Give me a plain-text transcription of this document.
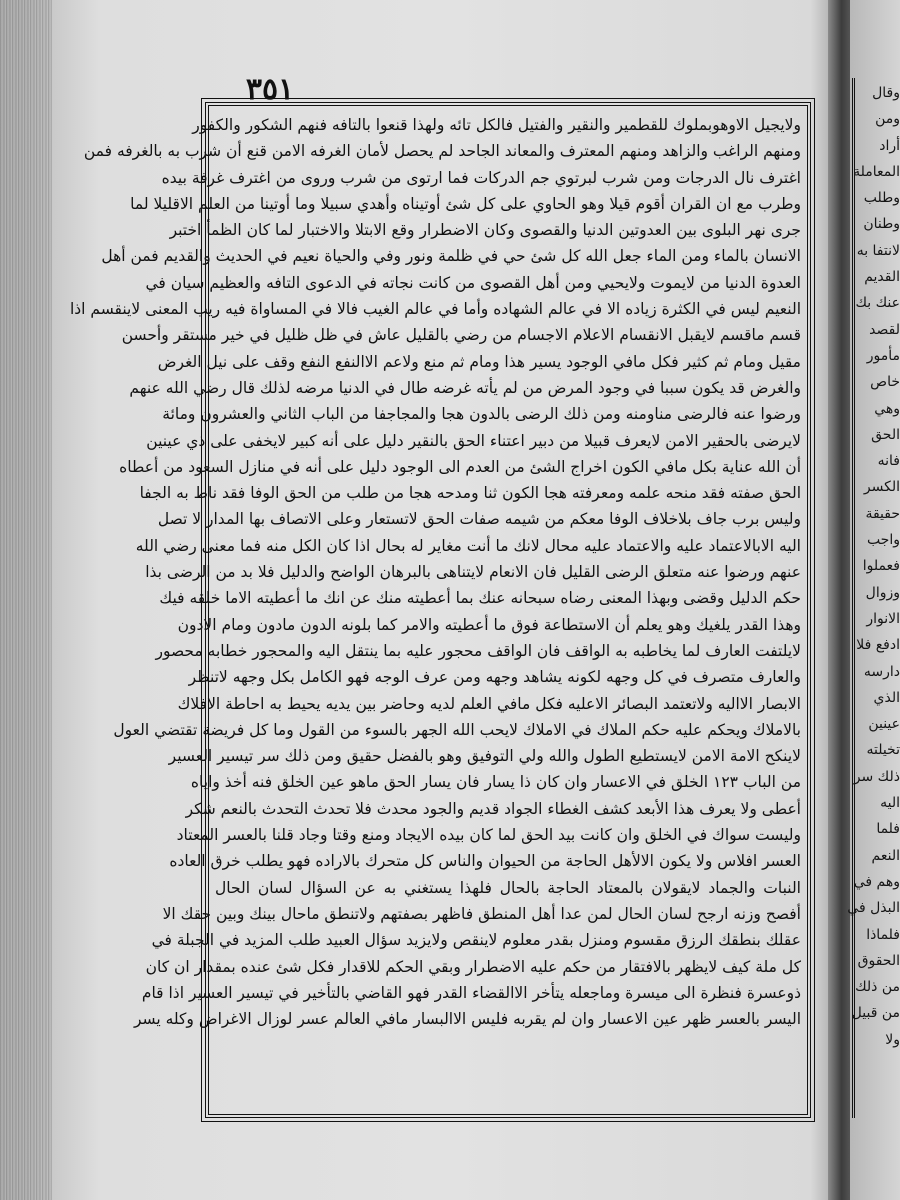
وقال
ومن
أراد
المعاملة
وطلب
وطنان
لانتفا به
القديم
عنك بك
لقصد
مأمور
خاص
وهي
الحق
فانه
الكسر
حقيقة
واجب
فعملوا
وزوال
الانوار
ادفع فلا
دارسه
الذي
عينين
تخيلته
ذلك سر
اليه
فلما
النعم
وهم في
البذل في
فلماذا
الحقوق
من ذلك
من قبيل
ولا
٣٥١
ولايجيل الاوهوبملوك للقطمير والنقير والفتيل فالكل تائه ولهذا قنعوا بالتافه فنهم الشكور والكفور
ومنهم الراغب والزاهد ومنهم المعترف والمعاند الجاحد لم يحصل لأمان الغرفه الامن قنع أن شرب به بالغرفه فمن
اغترف نال الدرجات ومن شرب لبرتوي جم الدركات فما ارتوى من شرب وروى من اغترف غرفة بيده
وطرب مع ان القران أقوم قيلا وهو الحاوي على كل شئ أوتيناه وأهدي سبيلا وما أوتينا من العلم الاقليلا لما
جرى نهر البلوى بين العدوتين الدنيا والقصوى وكان الاضطرار وقع الابتلا والاختبار لما كان الظمأ اختبر
الانسان بالماء ومن الماء جعل الله كل شئ حي في ظلمة ونور وفي والحياة نعيم في الحديث والقديم فمن أهل
العدوة الدنيا من لايموت ولايحيي ومن أهل القصوى من كانت نجاته في الدعوى التافه والعظيم سيان في
النعيم ليس في الكثرة زياده الا في عالم الشهاده وأما في عالم الغيب فالا في المساواة فيه ريب المعنى لاينقسم اذا
قسم ماقسم لايقبل الانقسام الاعلام الاجسام من رضي بالقليل عاش في ظل ظليل في خير مستقر وأحسن
مقيل ومام ثم كثير فكل مافي الوجود يسير هذا ومام ثم منع ولاعم الاالنفع النفع وقف على نيل الغرض
والغرض قد يكون سببا في وجود المرض من لم يأته غرضه طال في الدنيا مرضه لذلك قال رضي الله عنهم
ورضوا عنه فالرضى مناومنه ومن ذلك الرضى بالدون هجا والمجاجفا من الباب الثاني والعشرون ومائة
لايرضى بالحقير الامن لايعرف قبيلا من دبير اعتناء الحق بالنقير دليل على أنه كبير لايخفى على ذي عينين
أن الله عناية بكل مافي الكون اخراج الشئ من العدم الى الوجود دليل على أنه في منازل السعود من أعطاه
الحق صفته فقد منحه علمه ومعرفته هجا الكون ثنا ومدحه هجا من طلب من الحق الوفا فقد ناط به الجفا
وليس برب جاف بلاخلاف الوفا معكم من شيمه صفات الحق لاتستعار وعلى الاتصاف بها المدار لا تصل
اليه الابالاعتماد عليه والاعتماد عليه محال لانك ما أنت مغاير له بحال اذا كان الكل منه فما معنى رضي الله
عنهم ورضوا عنه متعلق الرضى القليل فان الانعام لايتناهى بالبرهان الواضح والدليل فلا بد من الرضى بذا
حكم الدليل وقضى وبهذا المعنى رضاه سبحانه عنك بما أعطيته منك عن انك ما أعطيته الاما خلقه فيك
وهذا القدر يلغيك وهو يعلم أن الاستطاعة فوق ما أعطيته والامر كما بلونه الدون مادون ومام الادون
لايلتفت العارف لما يخاطبه به الواقف فان الواقف محجور عليه بما ينتقل اليه والمحجور خطابه محصور
والعارف متصرف في كل وجهه لكونه يشاهد وجهه ومن عرف الوجه فهو الكامل بكل وجهه لاتنظر
الابصار الااليه ولاتعتمد البصائر الاعليه فكل مافي العلم لديه وحاضر بين يديه يحيط به احاطة الافلاك
بالاملاك ويحكم عليه حكم الملاك في الاملاك لايحب الله الجهر بالسوء من القول وما كل فريضة تقتضي العول
لاينكح الامة الامن لايستطيع الطول والله ولي التوفيق وهو بالفضل حقيق ومن ذلك سر تيسير العسير
من الباب ١٢٣ الخلق في الاعسار وان كان ذا يسار فان يسار الحق ماهو عين الخلق فنه أخذ واياه
أعطى ولا يعرف هذا الأبعد كشف الغطاء الجواد قديم والجود محدث فلا تحدث التحدث بالنعم شكر
وليست سواك في الخلق وان كانت بيد الحق لما كان بيده الايجاد ومنع وقتا وجاد قلنا بالعسر المعتاد
العسر افلاس ولا يكون الالأهل الحاجة من الحيوان والناس كل متحرك بالاراده فهو يطلب خرق العاده
النبات والجماد لايقولان بالمعتاد الحاجة بالحال فلهذا يستغني به عن السؤال لسان الحال
أفصح وزنه ارجح لسان الحال لمن عدا أهل المنطق فاظهر بصفتهم ولاتنطق ماحال بينك وبين حقك الا
عقلك بنطقك الرزق مقسوم ومنزل بقدر معلوم لاينقص ولايزيد سؤال العبيد طلب المزيد في الجبلة في
كل ملة كيف لايظهر بالافتقار من حكم عليه الاضطرار وبقي الحكم للاقدار فكل شئ عنده بمقدار ان كان
ذوعسرة فنظرة الى ميسرة وماجعله يتأخر الاالقضاء القدر فهو القاضي بالتأخير في تيسير العسير اذا قام
اليسر بالعسر ظهر عين الاعسار وان لم يقربه فليس الاالبسار مافي العالم عسر لوزال الاغراض وكله يسر
